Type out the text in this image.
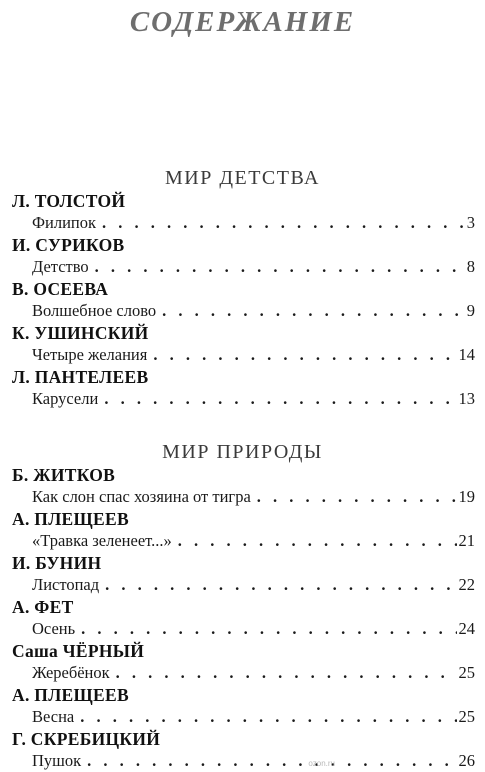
СОДЕРЖАНИЕ
МИР ДЕТСТВА
Л. ТОЛСТОЙ
Филипок . . .	3
И. СУРИКОВ
Детство . . .	8
В. ОСЕЕВА
Волшебное слово . . .	9
К. УШИНСКИЙ
Четыре желания . . .	14
Л. ПАНТЕЛЕЕВ
Карусели . . .	13
МИР ПРИРОДЫ
Б. ЖИТКОВ
Как слон спас хозяина от тигра . . .	19
А. ПЛЕЩЕЕВ
«Травка зеленеет...» . . .	21
И. БУНИН
Листопад . . .	22
А. ФЕТ
Осень . . .	24
Саша ЧЁРНЫЙ
Жеребёнок . . .	25
А. ПЛЕЩЕЕВ
Весна . . .	25
Г. СКРЕБИЦКИЙ
Пушок . . .	26
ozon.ru
